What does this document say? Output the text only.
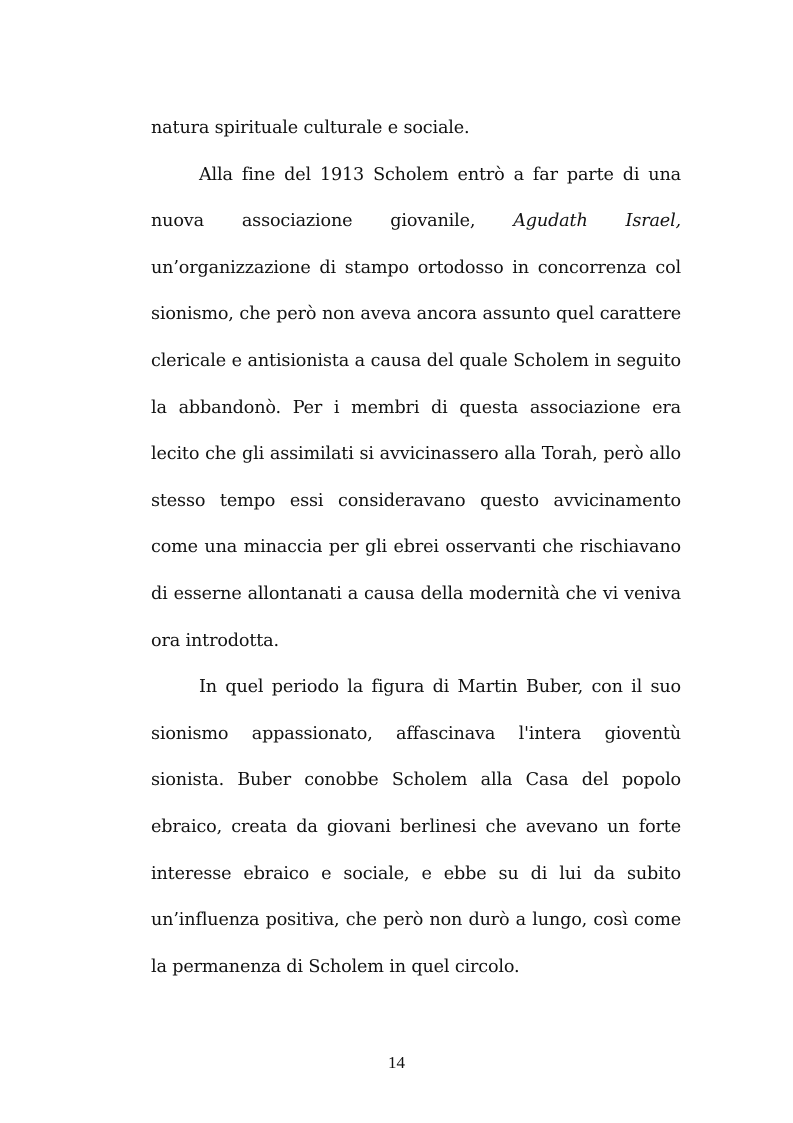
natura spirituale culturale e sociale.

Alla fine del 1913 Scholem entrò a far parte di una nuova associazione giovanile, Agudath Israel, un’organizzazione di stampo ortodosso in concorrenza col sionismo, che però non aveva ancora assunto quel carattere clericale e antisionista a causa del quale Scholem in seguito la abbandonò. Per i membri di questa associazione era lecito che gli assimilati si avvicinassero alla Torah, però allo stesso tempo essi consideravano questo avvicinamento come una minaccia per gli ebrei osservanti che rischiavano di esserne allontanati a causa della modernità che vi veniva ora introdotta.

In quel periodo la figura di Martin Buber, con il suo sionismo appassionato, affascinava l'intera gioventù sionista. Buber conobbe Scholem alla Casa del popolo ebraico, creata da giovani berlinesi che avevano un forte interesse ebraico e sociale, e ebbe su di lui da subito un’influenza positiva, che però non durò a lungo, così come la permanenza di Scholem in quel circolo.

14
